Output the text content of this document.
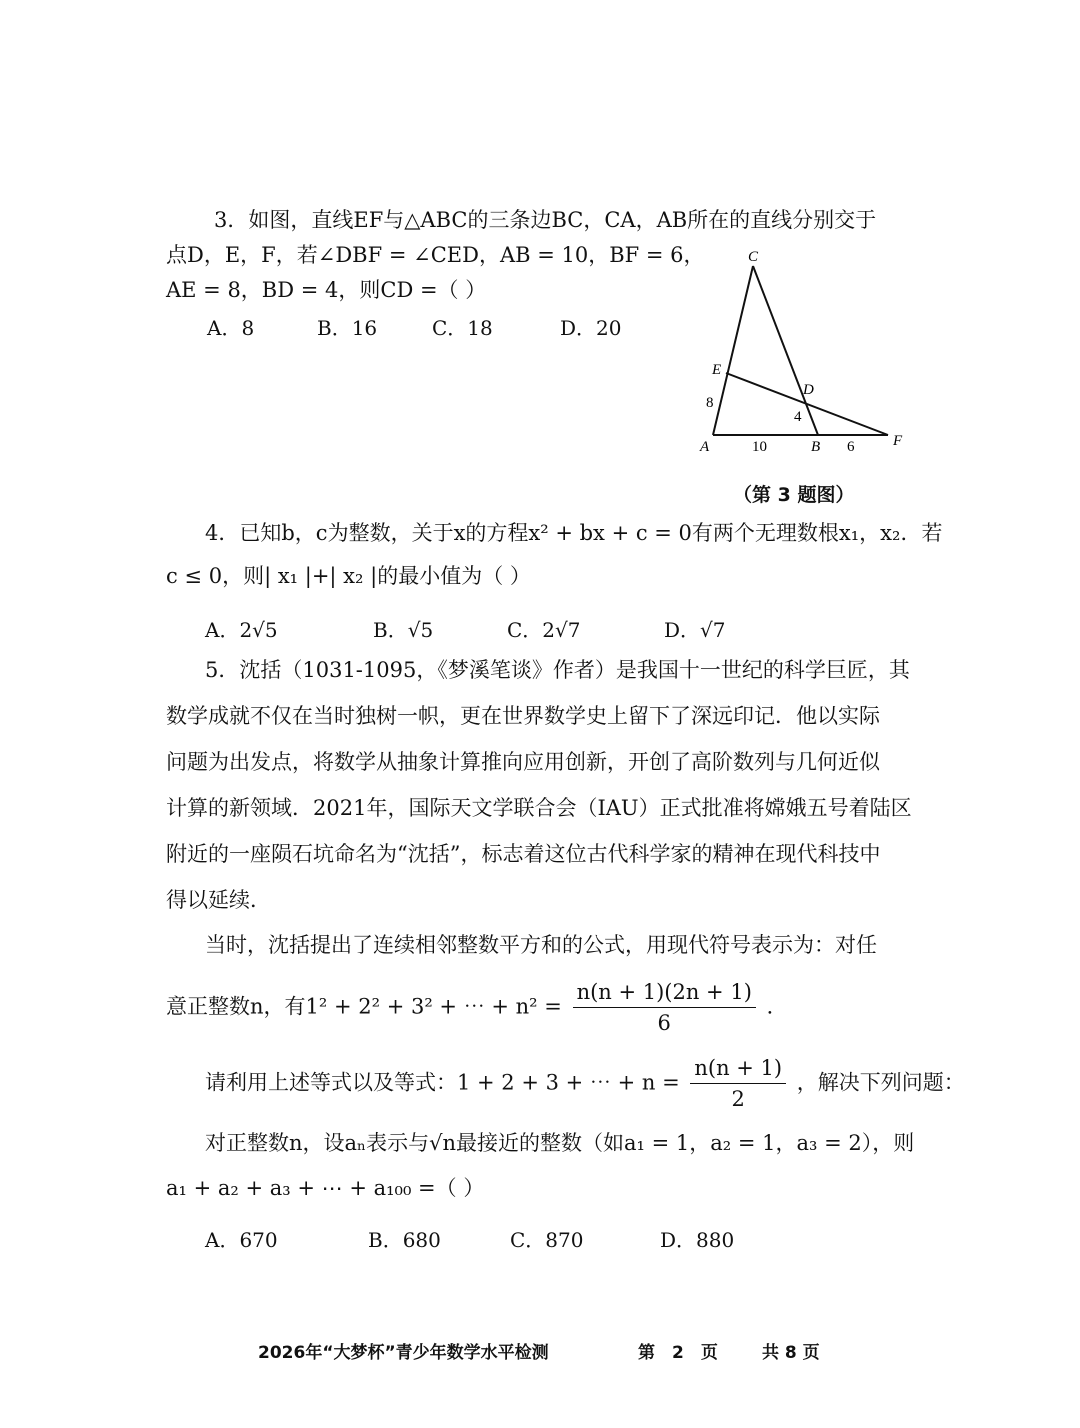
3．如图，直线EF与△ABC的三条边BC，CA，AB所在的直线分别交于
点D，E，F，若∠DBF = ∠CED，AB = 10，BF = 6，
AE = 8，BD = 4，则CD =（ ）
A．8	B．16	C．18	D．20
C
E
D
A	B	F
8
4
10	6
（第 3 题图）
4．已知b，c为整数，关于x的方程x² + bx + c = 0有两个无理数根x₁，x₂．若
c ≤ 0，则| x₁ |+| x₂ |的最小值为（ ）
A．2√5	B．√5	C．2√7	D．√7
5．沈括（1031-1095，《梦溪笔谈》作者）是我国十一世纪的科学巨匠，其
数学成就不仅在当时独树一帜，更在世界数学史上留下了深远印记．他以实际
问题为出发点，将数学从抽象计算推向应用创新，开创了高阶数列与几何近似
计算的新领域．2021年，国际天文学联合会（IAU）正式批准将嫦娥五号着陆区
附近的一座陨石坑命名为“沈括”，标志着这位古代科学家的精神在现代科技中
得以延续．
当时，沈括提出了连续相邻整数平方和的公式，用现代符号表示为：对任
意正整数n，有1² + 2² + 3² + ⋯ + $n^2 = \frac{n(n + 1)(2n + 1)}{6}$ ．
请利用上述等式以及等式：1 + 2 + 3 + ⋯ + $n = \frac{n(n + 1)}{2}$ ，解决下列问题：
对正整数n，设aₙ表示与√n最接近的整数（如a₁ = 1，a₂ = 1，a₃ = 2），则
a₁ + a₂ + a₃ + ⋯ + a₁₀₀ =（ ）
A．670	B．680	C．870	D．880
2026年“大梦杯”青少年数学水平检测	第　2　页	共 8 页
